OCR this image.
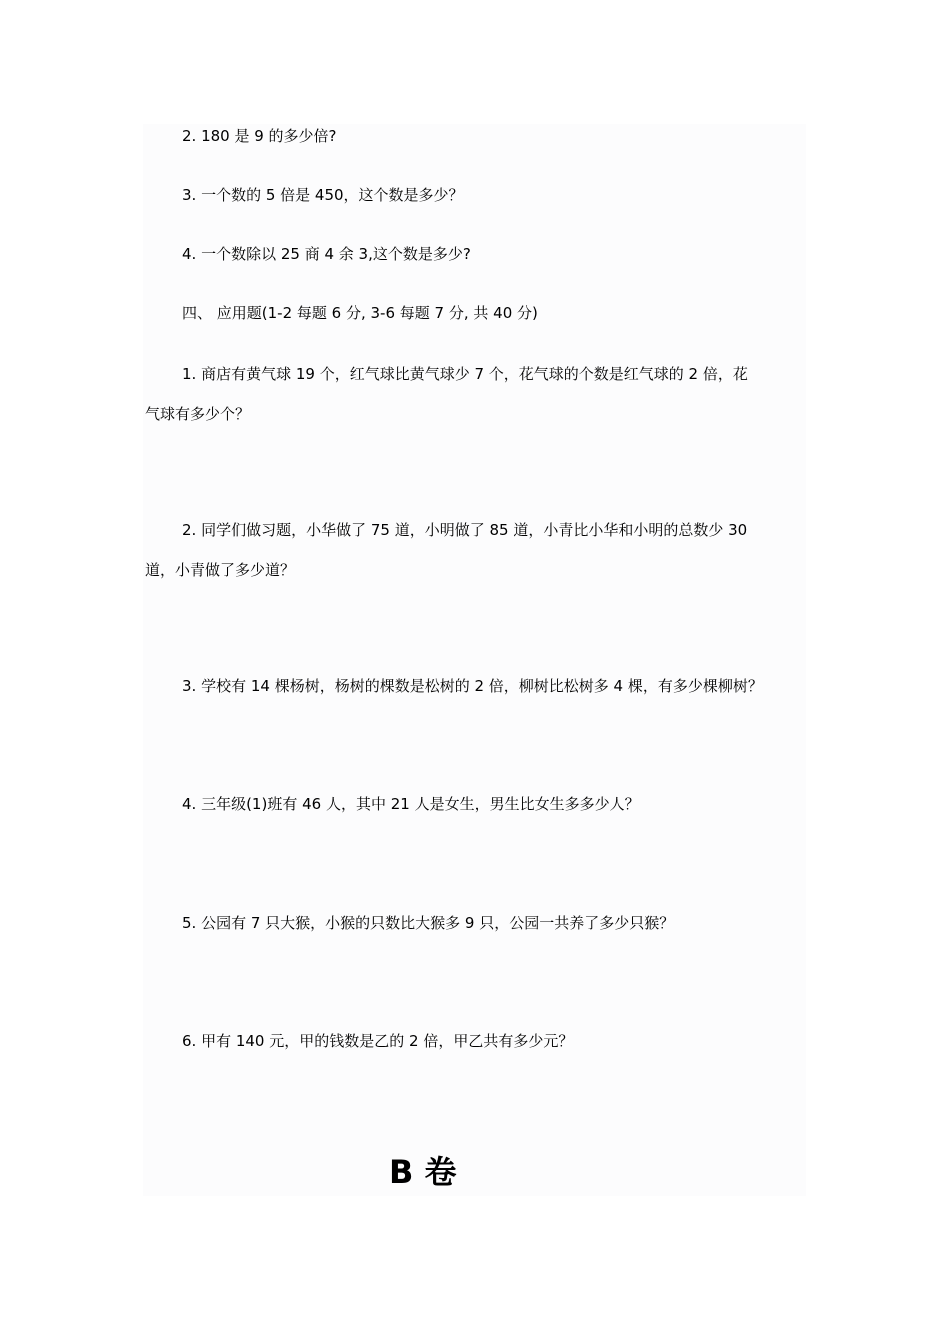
2. 180 是 9 的多少倍?
3. 一个数的 5 倍是 450，这个数是多少？
4. 一个数除以 25 商 4 余 3,这个数是多少?
四、 应用题(1-2 每题 6 分, 3-6 每题 7 分, 共 40 分)
1. 商店有黄气球 19 个，红气球比黄气球少 7 个，花气球的个数是红气球的 2 倍，花
气球有多少个？
2. 同学们做习题，小华做了 75 道，小明做了 85 道，小青比小华和小明的总数少 30
道，小青做了多少道？
3. 学校有 14 棵杨树，杨树的棵数是松树的 2 倍，柳树比松树多 4 棵，有多少棵柳树？
4. 三年级(1)班有 46 人，其中 21 人是女生，男生比女生多多少人？
5. 公园有 7 只大猴，小猴的只数比大猴多 9 只，公园一共养了多少只猴？
6. 甲有 140 元，甲的钱数是乙的 2 倍，甲乙共有多少元？
B 卷
